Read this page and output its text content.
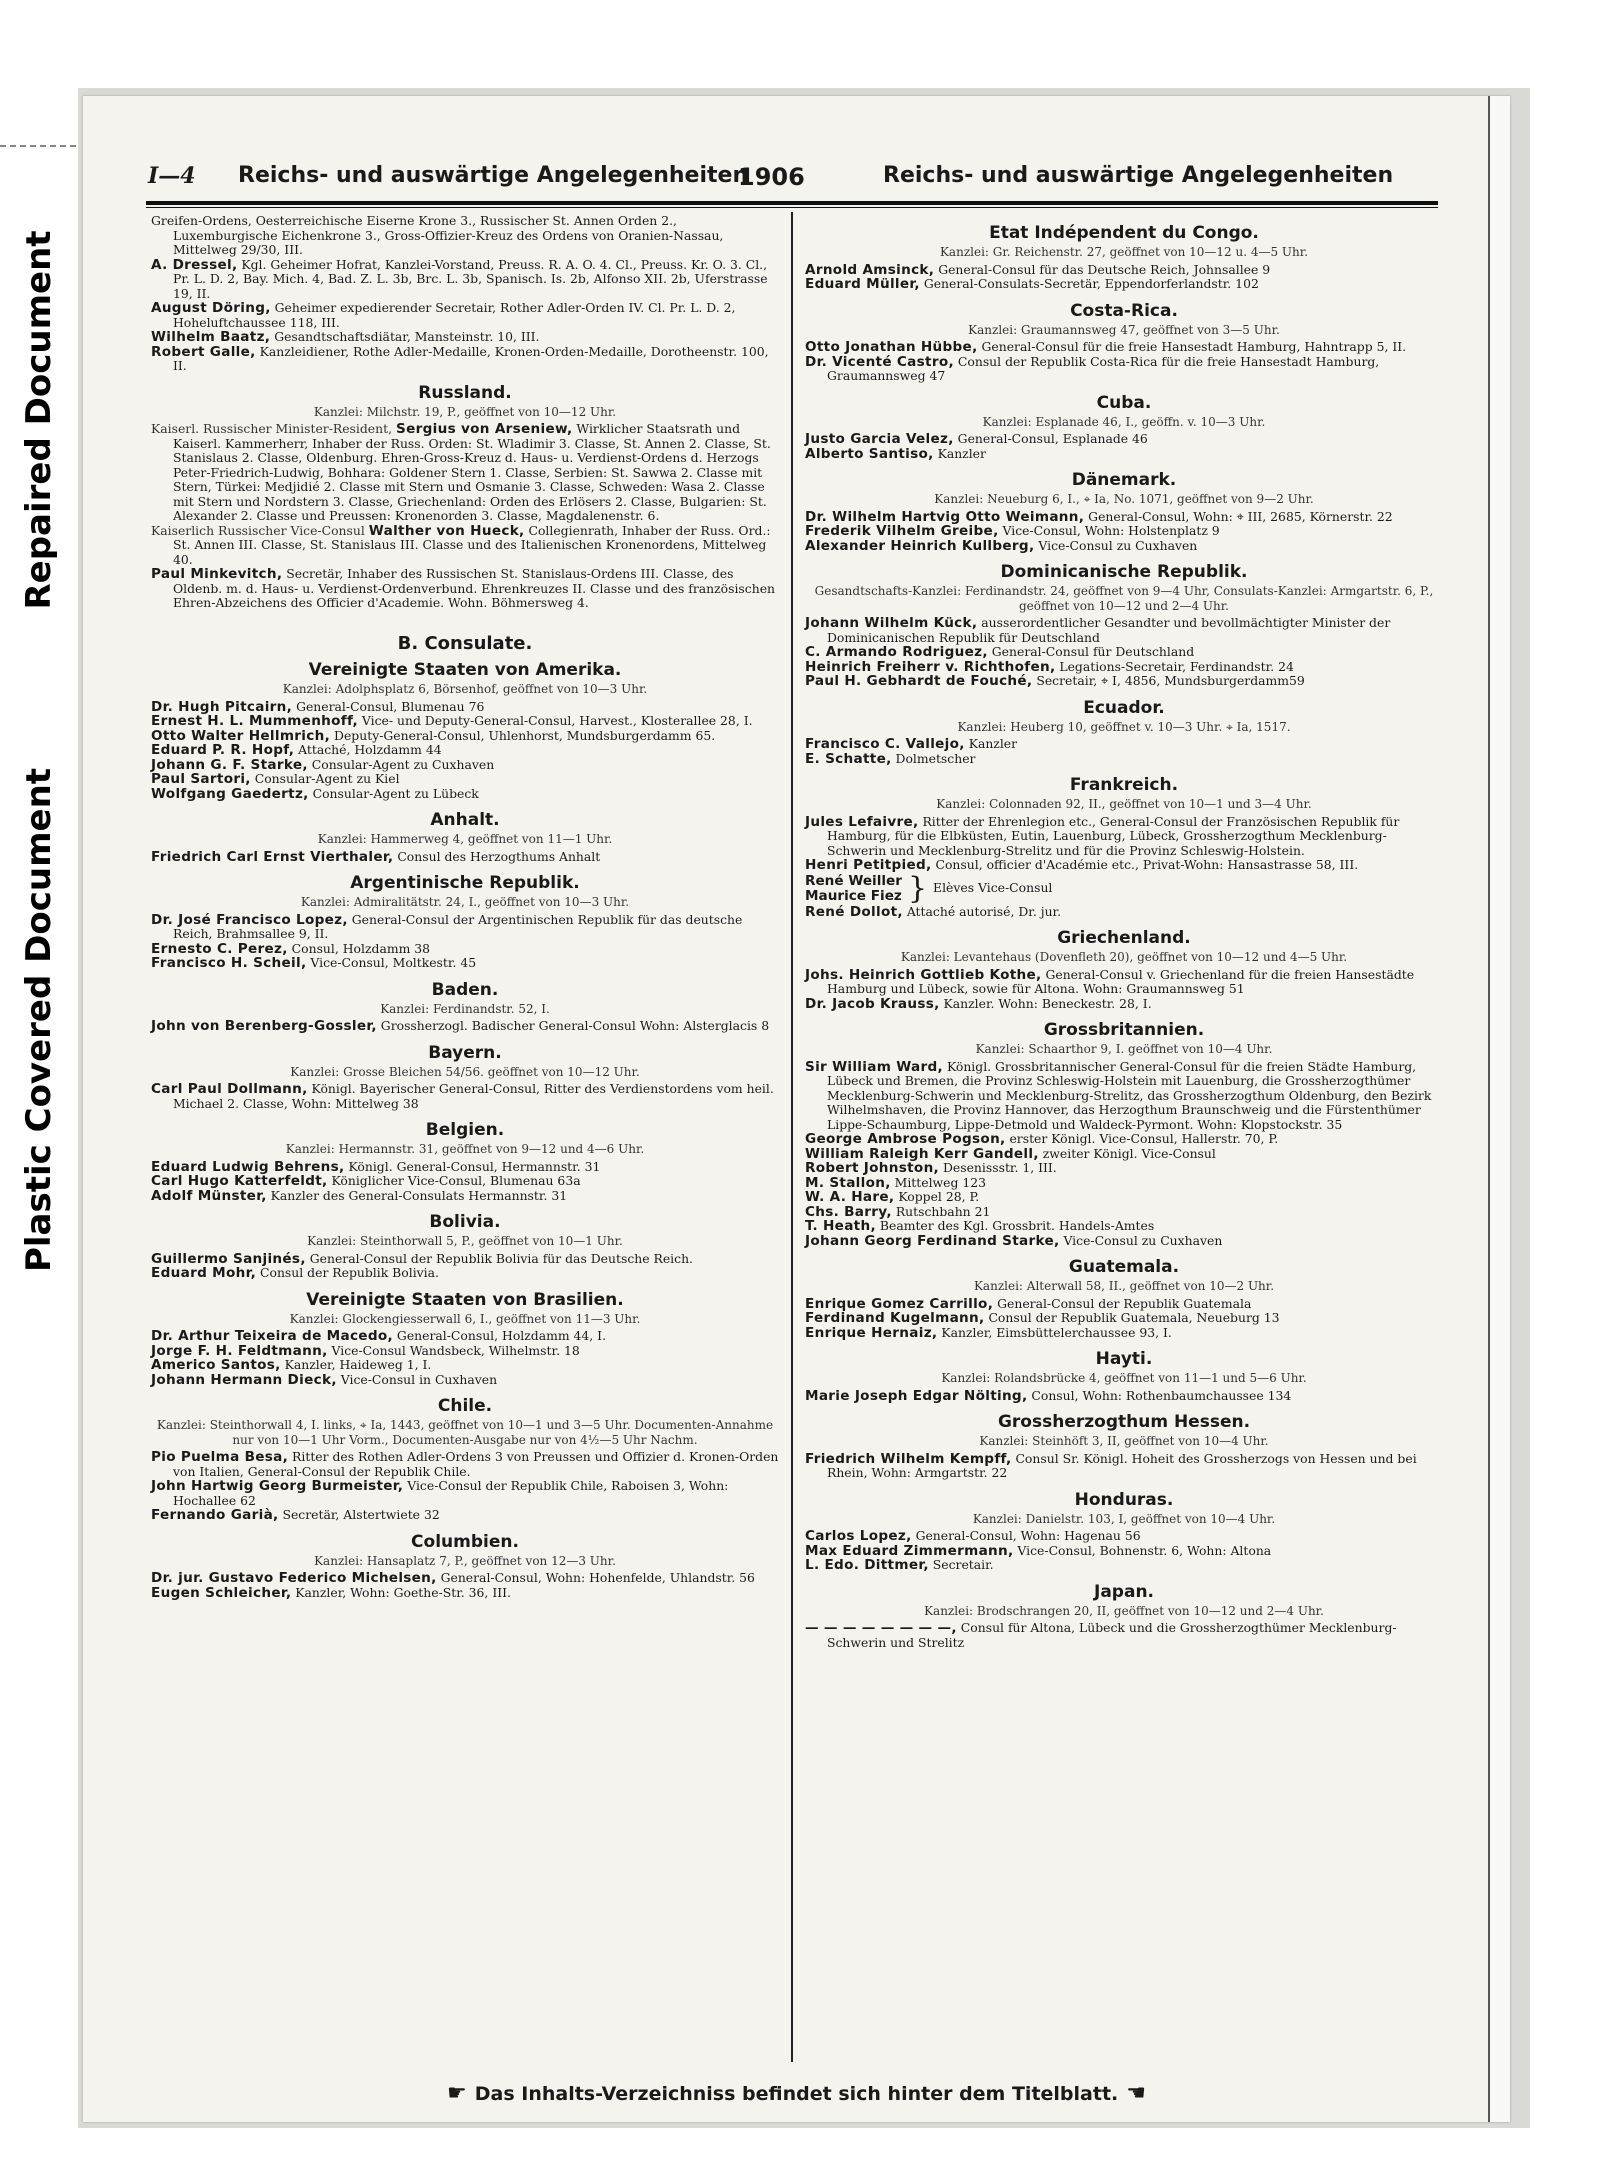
Repaired Document
Plastic Covered Document
I—4 Reichs- und auswärtige Angelegenheiten
1906	Reichs- und auswärtige Angelegenheiten

Greifen-Ordens, Oesterreichische Eiserne Krone 3., Russischer St. Annen Orden 2., Luxemburgische Eichenkrone 3., Gross-Offizier-Kreuz des Ordens von Oranien-Nassau, Mittelweg 29/30, III.

A. Dressel, Kgl. Geheimer Hofrat, Kanzlei-Vorstand, Preuss. R. A. O. 4. Cl., Preuss. Kr. O. 3. Cl., Pr. L. D. 2, Bay. Mich. 4, Bad. Z. L. 3b, Brc. L. 3b, Spanisch. Is. 2b, Alfonso XII. 2b, Uferstrasse 19, II.

August Döring, Geheimer expedierender Secretair, Rother Adler-Orden IV. Cl. Pr. L. D. 2, Hoheluftchaussee 118, III.

Wilhelm Baatz, Gesandtschaftsdiätar, Mansteinstr. 10, III.

Robert Galle, Kanzleidiener, Rothe Adler-Medaille, Kronen-Orden-Medaille, Dorotheenstr. 100, II.

Russland.
Kanzlei: Milchstr. 19, P., geöffnet von 10—12 Uhr.

Kaiserl. Russischer Minister-Resident, Sergius von Arseniew, Wirklicher Staatsrath und Kaiserl. Kammerherr, Inhaber der Russ. Orden: St. Wladimir 3. Classe, St. Annen 2. Classe, St. Stanislaus 2. Classe, Oldenburg. Ehren-Gross-Kreuz d. Haus- u. Verdienst-Ordens d. Herzogs Peter-Friedrich-Ludwig, Bohhara: Goldener Stern 1. Classe, Serbien: St. Sawwa 2. Classe mit Stern, Türkei: Medjidié 2. Classe mit Stern und Osmanie 3. Classe, Schweden: Wasa 2. Classe mit Stern und Nordstern 3. Classe, Griechenland: Orden des Erlösers 2. Classe, Bulgarien: St. Alexander 2. Classe und Preussen: Kronenorden 3. Classe, Magdalenenstr. 6.

Kaiserlich Russischer Vice-Consul Walther von Hueck, Collegienrath, Inhaber der Russ. Ord.: St. Annen III. Classe, St. Stanislaus III. Classe und des Italienischen Kronenordens, Mittelweg 40.

Paul Minkevitch, Secretär, Inhaber des Russischen St. Stanislaus-Ordens III. Classe, des Oldenb. m. d. Haus- u. Verdienst-Ordenverbund. Ehrenkreuzes II. Classe und des französischen Ehren-Abzeichens des Officier d'Academie. Wohn. Böhmersweg 4.

B. Consulate.
Vereinigte Staaten von Amerika.
Kanzlei: Adolphsplatz 6, Börsenhof, geöffnet von 10—3 Uhr.

Dr. Hugh Pitcairn, General-Consul, Blumenau 76

Ernest H. L. Mummenhoff, Vice- und Deputy-General-Consul, Harvest., Klosterallee 28, I.

Otto Walter Hellmrich, Deputy-General-Consul, Uhlenhorst, Mundsburgerdamm 65.

Eduard P. R. Hopf, Attaché, Holzdamm 44

Johann G. F. Starke, Consular-Agent zu Cuxhaven

Paul Sartori, Consular-Agent zu Kiel

Wolfgang Gaedertz, Consular-Agent zu Lübeck

Anhalt.
Kanzlei: Hammerweg 4, geöffnet von 11—1 Uhr.

Friedrich Carl Ernst Vierthaler, Consul des Herzogthums Anhalt

Argentinische Republik.
Kanzlei: Admiralitätstr. 24, I., geöffnet von 10—3 Uhr.

Dr. José Francisco Lopez, General-Consul der Argentinischen Republik für das deutsche Reich, Brahmsallee 9, II.

Ernesto C. Perez, Consul, Holzdamm 38

Francisco H. Scheil, Vice-Consul, Moltkestr. 45

Baden.
Kanzlei: Ferdinandstr. 52, I.

John von Berenberg-Gossler, Grossherzogl. Badischer General-Consul Wohn: Alsterglacis 8

Bayern.
Kanzlei: Grosse Bleichen 54/56. geöffnet von 10—12 Uhr.

Carl Paul Dollmann, Königl. Bayerischer General-Consul, Ritter des Verdienstordens vom heil. Michael 2. Classe, Wohn: Mittelweg 38

Belgien.
Kanzlei: Hermannstr. 31, geöffnet von 9—12 und 4—6 Uhr.

Eduard Ludwig Behrens, Königl. General-Consul, Hermannstr. 31

Carl Hugo Katterfeldt, Königlicher Vice-Consul, Blumenau 63a

Adolf Münster, Kanzler des General-Consulats Hermannstr. 31

Bolivia.
Kanzlei: Steinthorwall 5, P., geöffnet von 10—1 Uhr.

Guillermo Sanjinés, General-Consul der Republik Bolivia für das Deutsche Reich.

Eduard Mohr, Consul der Republik Bolivia.

Vereinigte Staaten von Brasilien.
Kanzlei: Glockengiesserwall 6, I., geöffnet von 11—3 Uhr.

Dr. Arthur Teixeira de Macedo, General-Consul, Holzdamm 44, I.

Jorge F. H. Feldtmann, Vice-Consul Wandsbeck, Wilhelmstr. 18

Americo Santos, Kanzler, Haideweg 1, I.

Johann Hermann Dieck, Vice-Consul in Cuxhaven

Chile.
Kanzlei: Steinthorwall 4, I. links, ⌖ Ia, 1443, geöffnet von 10—1 und 3—5 Uhr. Documenten-Annahme nur von 10—1 Uhr Vorm., Documenten-Ausgabe nur von 4½—5 Uhr Nachm.

Pio Puelma Besa, Ritter des Rothen Adler-Ordens 3 von Preussen und Offizier d. Kronen-Orden von Italien, General-Consul der Republik Chile.

John Hartwig Georg Burmeister, Vice-Consul der Republik Chile, Raboisen 3, Wohn: Hochallee 62

Fernando Garià, Secretär, Alstertwiete 32

Columbien.
Kanzlei: Hansaplatz 7, P., geöffnet von 12—3 Uhr.

Dr. jur. Gustavo Federico Michelsen, General-Consul, Wohn: Hohenfelde, Uhlandstr. 56

Eugen Schleicher, Kanzler, Wohn: Goethe-Str. 36, III.

Etat Indépendent du Congo.
Kanzlei: Gr. Reichenstr. 27, geöffnet von 10—12 u. 4—5 Uhr.

Arnold Amsinck, General-Consul für das Deutsche Reich, Johnsallee 9

Eduard Müller, General-Consulats-Secretär, Eppendorferlandstr. 102

Costa-Rica.
Kanzlei: Graumannsweg 47, geöffnet von 3—5 Uhr.

Otto Jonathan Hübbe, General-Consul für die freie Hansestadt Hamburg, Hahntrapp 5, II.

Dr. Vicenté Castro, Consul der Republik Costa-Rica für die freie Hansestadt Hamburg, Graumannsweg 47

Cuba.
Kanzlei: Esplanade 46, I., geöffn. v. 10—3 Uhr.

Justo Garcia Velez, General-Consul, Esplanade 46

Alberto Santiso, Kanzler

Dänemark.
Kanzlei: Neueburg 6, I., ⌖ Ia, No. 1071, geöffnet von 9—2 Uhr.

Dr. Wilhelm Hartvig Otto Weimann, General-Consul, Wohn: ⌖ III, 2685, Körnerstr. 22

Frederik Vilhelm Greibe, Vice-Consul, Wohn: Holstenplatz 9

Alexander Heinrich Kullberg, Vice-Consul zu Cuxhaven

Dominicanische Republik.
Gesandtschafts-Kanzlei: Ferdinandstr. 24, geöffnet von 9—4 Uhr, Consulats-Kanzlei: Armgartstr. 6, P., geöffnet von 10—12 und 2—4 Uhr.

Johann Wilhelm Kück, ausserordentlicher Gesandter und bevollmächtigter Minister der Dominicanischen Republik für Deutschland

C. Armando Rodriguez, General-Consul für Deutschland

Heinrich Freiherr v. Richthofen, Legations-Secretair, Ferdinandstr. 24

Paul H. Gebhardt de Fouché, Secretair, ⌖ I, 4856, Mundsburgerdamm59

Ecuador.
Kanzlei: Heuberg 10, geöffnet v. 10—3 Uhr. ⌖ Ia, 1517.

Francisco C. Vallejo, Kanzler

E. Schatte, Dolmetscher

Frankreich.
Kanzlei: Colonnaden 92, II., geöffnet von 10—1 und 3—4 Uhr.

Jules Lefaivre, Ritter der Ehrenlegion etc., General-Consul der Französischen Republik für Hamburg, für die Elbküsten, Eutin, Lauenburg, Lübeck, Grossherzogthum Mecklenburg-Schwerin und Mecklenburg-Strelitz und für die Provinz Schleswig-Holstein.

Henri Petitpied, Consul, officier d'Académie etc., Privat-Wohn: Hansastrasse 58, III.

René Weiller
Maurice Fiez } Elèves Vice-Consul

René Dollot, Attaché autorisé, Dr. jur.

Griechenland.
Kanzlei: Levantehaus (Dovenfleth 20), geöffnet von 10—12 und 4—5 Uhr.

Johs. Heinrich Gottlieb Kothe, General-Consul v. Griechenland für die freien Hansestädte Hamburg und Lübeck, sowie für Altona. Wohn: Graumannsweg 51

Dr. Jacob Krauss, Kanzler. Wohn: Beneckestr. 28, I.

Grossbritannien.
Kanzlei: Schaarthor 9, I. geöffnet von 10—4 Uhr.

Sir William Ward, Königl. Grossbritannischer General-Consul für die freien Städte Hamburg, Lübeck und Bremen, die Provinz Schleswig-Holstein mit Lauenburg, die Grossherzogthümer Mecklenburg-Schwerin und Mecklenburg-Strelitz, das Grossherzogthum Oldenburg, den Bezirk Wilhelmshaven, die Provinz Hannover, das Herzogthum Braunschweig und die Fürstenthümer Lippe-Schaumburg, Lippe-Detmold und Waldeck-Pyrmont. Wohn: Klopstockstr. 35

George Ambrose Pogson, erster Königl. Vice-Consul, Hallerstr. 70, P.

William Raleigh Kerr Gandell, zweiter Königl. Vice-Consul

Robert Johnston, Desenissstr. 1, III.

M. Stallon, Mittelweg 123

W. A. Hare, Koppel 28, P.

Chs. Barry, Rutschbahn 21

T. Heath, Beamter des Kgl. Grossbrit. Handels-Amtes

Johann Georg Ferdinand Starke, Vice-Consul zu Cuxhaven

Guatemala.
Kanzlei: Alterwall 58, II., geöffnet von 10—2 Uhr.

Enrique Gomez Carrillo, General-Consul der Republik Guatemala

Ferdinand Kugelmann, Consul der Republik Guatemala, Neueburg 13

Enrique Hernaiz, Kanzler, Eimsbüttelerchaussee 93, I.

Hayti.
Kanzlei: Rolandsbrücke 4, geöffnet von 11—1 und 5—6 Uhr.

Marie Joseph Edgar Nölting, Consul, Wohn: Rothenbaumchaussee 134

Grossherzogthum Hessen.
Kanzlei: Steinhöft 3, II, geöffnet von 10—4 Uhr.

Friedrich Wilhelm Kempff, Consul Sr. Königl. Hoheit des Grossherzogs von Hessen und bei Rhein, Wohn: Armgartstr. 22

Honduras.
Kanzlei: Danielstr. 103, I, geöffnet von 10—4 Uhr.

Carlos Lopez, General-Consul, Wohn: Hagenau 56

Max Eduard Zimmermann, Vice-Consul, Bohnenstr. 6, Wohn: Altona

L. Edo. Dittmer, Secretair.

Japan.
Kanzlei: Brodschrangen 20, II, geöffnet von 10—12 und 2—4 Uhr.

— — — — — — — —, Consul für Altona, Lübeck und die Grossherzogthümer Mecklenburg-Schwerin und Strelitz

☛ Das Inhalts-Verzeichniss befindet sich hinter dem Titelblatt. ☚
